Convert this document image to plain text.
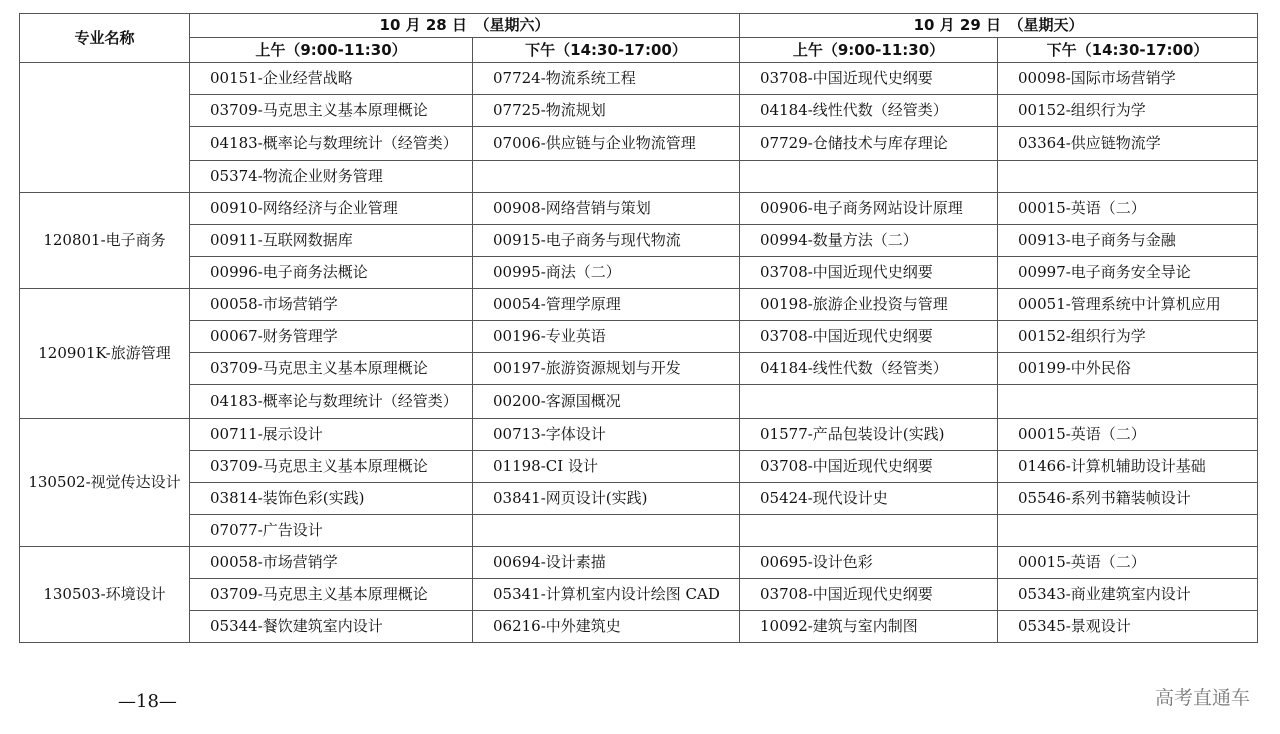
专业名称	10 月 28 日　（星期六）		10 月 29 日　（星期天）	
	上午（9:00-11:30）	下午（14:30-17:00）	上午（9:00-11:30）	下午（14:30-17:00）
	00151-企业经营战略	07724-物流系统工程	03708-中国近现代史纲要	00098-国际市场营销学
	03709-马克思主义基本原理概论	07725-物流规划	04184-线性代数（经管类）	00152-组织行为学
	04183-概率论与数理统计（经管类）	07006-供应链与企业物流管理	07729-仓储技术与库存理论	03364-供应链物流学
	05374-物流企业财务管理			
120801-电子商务	00910-网络经济与企业管理	00908-网络营销与策划	00906-电子商务网站设计原理	00015-英语（二）
	00911-互联网数据库	00915-电子商务与现代物流	00994-数量方法（二）	00913-电子商务与金融
	00996-电子商务法概论	00995-商法（二）	03708-中国近现代史纲要	00997-电子商务安全导论
120901K-旅游管理	00058-市场营销学	00054-管理学原理	00198-旅游企业投资与管理	00051-管理系统中计算机应用
	00067-财务管理学	00196-专业英语	03708-中国近现代史纲要	00152-组织行为学
	03709-马克思主义基本原理概论	00197-旅游资源规划与开发	04184-线性代数（经管类）	00199-中外民俗
	04183-概率论与数理统计（经管类）	00200-客源国概况		
130502-视觉传达设计	00711-展示设计	00713-字体设计	01577-产品包装设计(实践)	00015-英语（二）
	03709-马克思主义基本原理概论	01198-CI 设计	03708-中国近现代史纲要	01466-计算机辅助设计基础
	03814-装饰色彩(实践)	03841-网页设计(实践)	05424-现代设计史	05546-系列书籍装帧设计
	07077-广告设计			
130503-环境设计	00058-市场营销学	00694-设计素描	00695-设计色彩	00015-英语（二）
	03709-马克思主义基本原理概论	05341-计算机室内设计绘图 CAD	03708-中国近现代史纲要	05343-商业建筑室内设计
	05344-餐饮建筑室内设计	06216-中外建筑史	10092-建筑与室内制图	05345-景观设计
—18—	高考直通车
